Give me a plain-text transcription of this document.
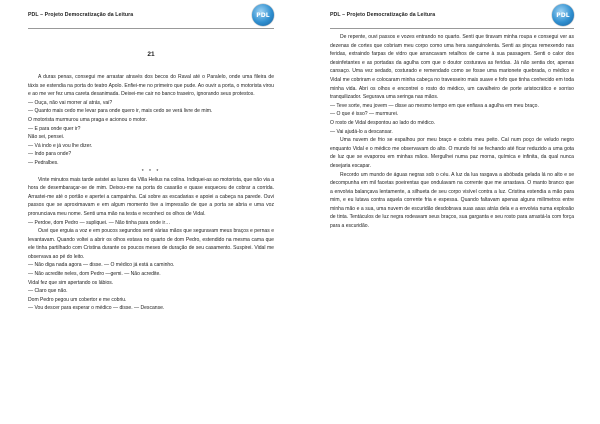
PDL – Projeto Democratização da Leitura	PDL
21

A duras penas, consegui me arrastar através dos becos do Raval até o Paralelo, onde uma fileira de táxis se estendia na porta do teatro Apolo. Enfiei-me no primeiro que pude. Ao ouvir a porta, o motorista virou e ao me ver fez uma careta desanimada. Deixei-me cair no banco traseiro, ignorando seus protestos.

— Ouça, não vai morrer aí atrás, vai?

— Quanto mais cedo me levar para onde quero ir, mais cedo se verá livre de mim.

O motorista murmurou uma praga e acionou o motor.

— E para onde quer ir?

Não sei, pensei.

— Vá indo e já vou lhe dizer.

— Indo para onde?

— Pedralbes.

* * *

Vinte minutos mais tarde avistei as luzes da Villa Helius na colina. Indiquei-as ao motorista, que não via a hora de desembaraçar-se de mim. Deixou-me na porta do casarão e quase esqueceu de cobrar a corrida. Arrastei-me até o portão e apertei a campainha. Cai sobre as escadarias e apoiei a cabeça na parede. Ouvi passos que se aproximavam e em algum momento tive a impressão de que a porta se abria e uma voz pronunciava meu nome. Senti uma mão na testa e reconheci os olhos de Vidal.

— Perdoe, dom Pedro — supliquei. — Não tinha para onde ir…

Ouvi que erguia a voz e em poucos segundos senti várias mãos que seguravam meus braços e pernas e levantavam. Quando voltei a abrir os olhos estava no quarto de dom Pedro, estendido na mesma cama que ele tinha partilhado com Cristina durante os poucos meses de duração de seu casamento. Suspirei. Vidal me observava ao pé do leito.

— Não diga nada agora — disse. — O médico já está a caminho.

— Não acredite neles, dom Pedro —gemi. — Não acredite.

Vidal fez que sim apertando os lábios.

— Claro que não.

Dom Pedro pegou um cobertor e me cobriu.

— Vou descer para esperar o médico — disse. — Descanse.

PDL – Projeto Democratização da Leitura	PDL

De repente, ouvi passos e vozes entrando no quarto. Senti que tiravam minha roupa e consegui ver as dezenas de cortes que cobriam meu corpo como uma hera sanguinolenta. Senti as pinças remexendo nas feridas, extraindo farpas de vidro que arrancavam retalhos de carne à sua passagem. Senti o calor dos desinfetantes e as portadas da agulha com que o doutor costurava as feridas. Já não sentia dor, apenas cansaço. Uma vez sedado, costurado e remendado como se fosse uma marionete quebrada, o médico e Vidal me cobriram e colocaram minha cabeça no travesseiro mais suave e fofo que tinha conhecido em toda minha vida. Abri os olhos e encontrei o rosto do médico, um cavalheiro de porte aristocrático e sorriso tranquilizador. Segurava uma seringa nas mãos.

— Teve sorte, meu jovem — disse ao mesmo tempo em que enfiava a agulha em meu braço.

— O que é isso? — murmurei.

O rosto de Vidal despontou ao lado do médico.

— Vai ajudá-lo a descansar.

Uma nuvem de frio se espalhou por meu braço e cobriu meu peito. Caí num poço de veludo negro enquanto Vidal e o médico me observavam do alto. O mundo foi se fechando até ficar reduzido a uma gota de luz que se evaporou em minhas mãos. Mergulhei numa paz morna, química e infinita, da qual nunca desejaria escapar.

Recordo um mundo de águas negras sob o céu. A luz da lua rasgava a abóbada gelada lá no alto e se decompunha em mil facetas poeirentas que ondulavam na corrente que me arrastava. O manto branco que a envolvia balançava lentamente, a silhueta de seu corpo visível contra a luz. Cristina estendia a mão para mim, e eu lutava contra aquela corrente fria e espessa. Quando faltavam apenas alguns milímetros entre minha mão e a sua, uma nuvem de escuridão desdobrava suas asas atrás dela e a envolvia numa explosão de tinta. Tentáculos de luz negra rodeavam seus braços, sua garganta e seu rosto para arrastá-la com força para a escuridão.
